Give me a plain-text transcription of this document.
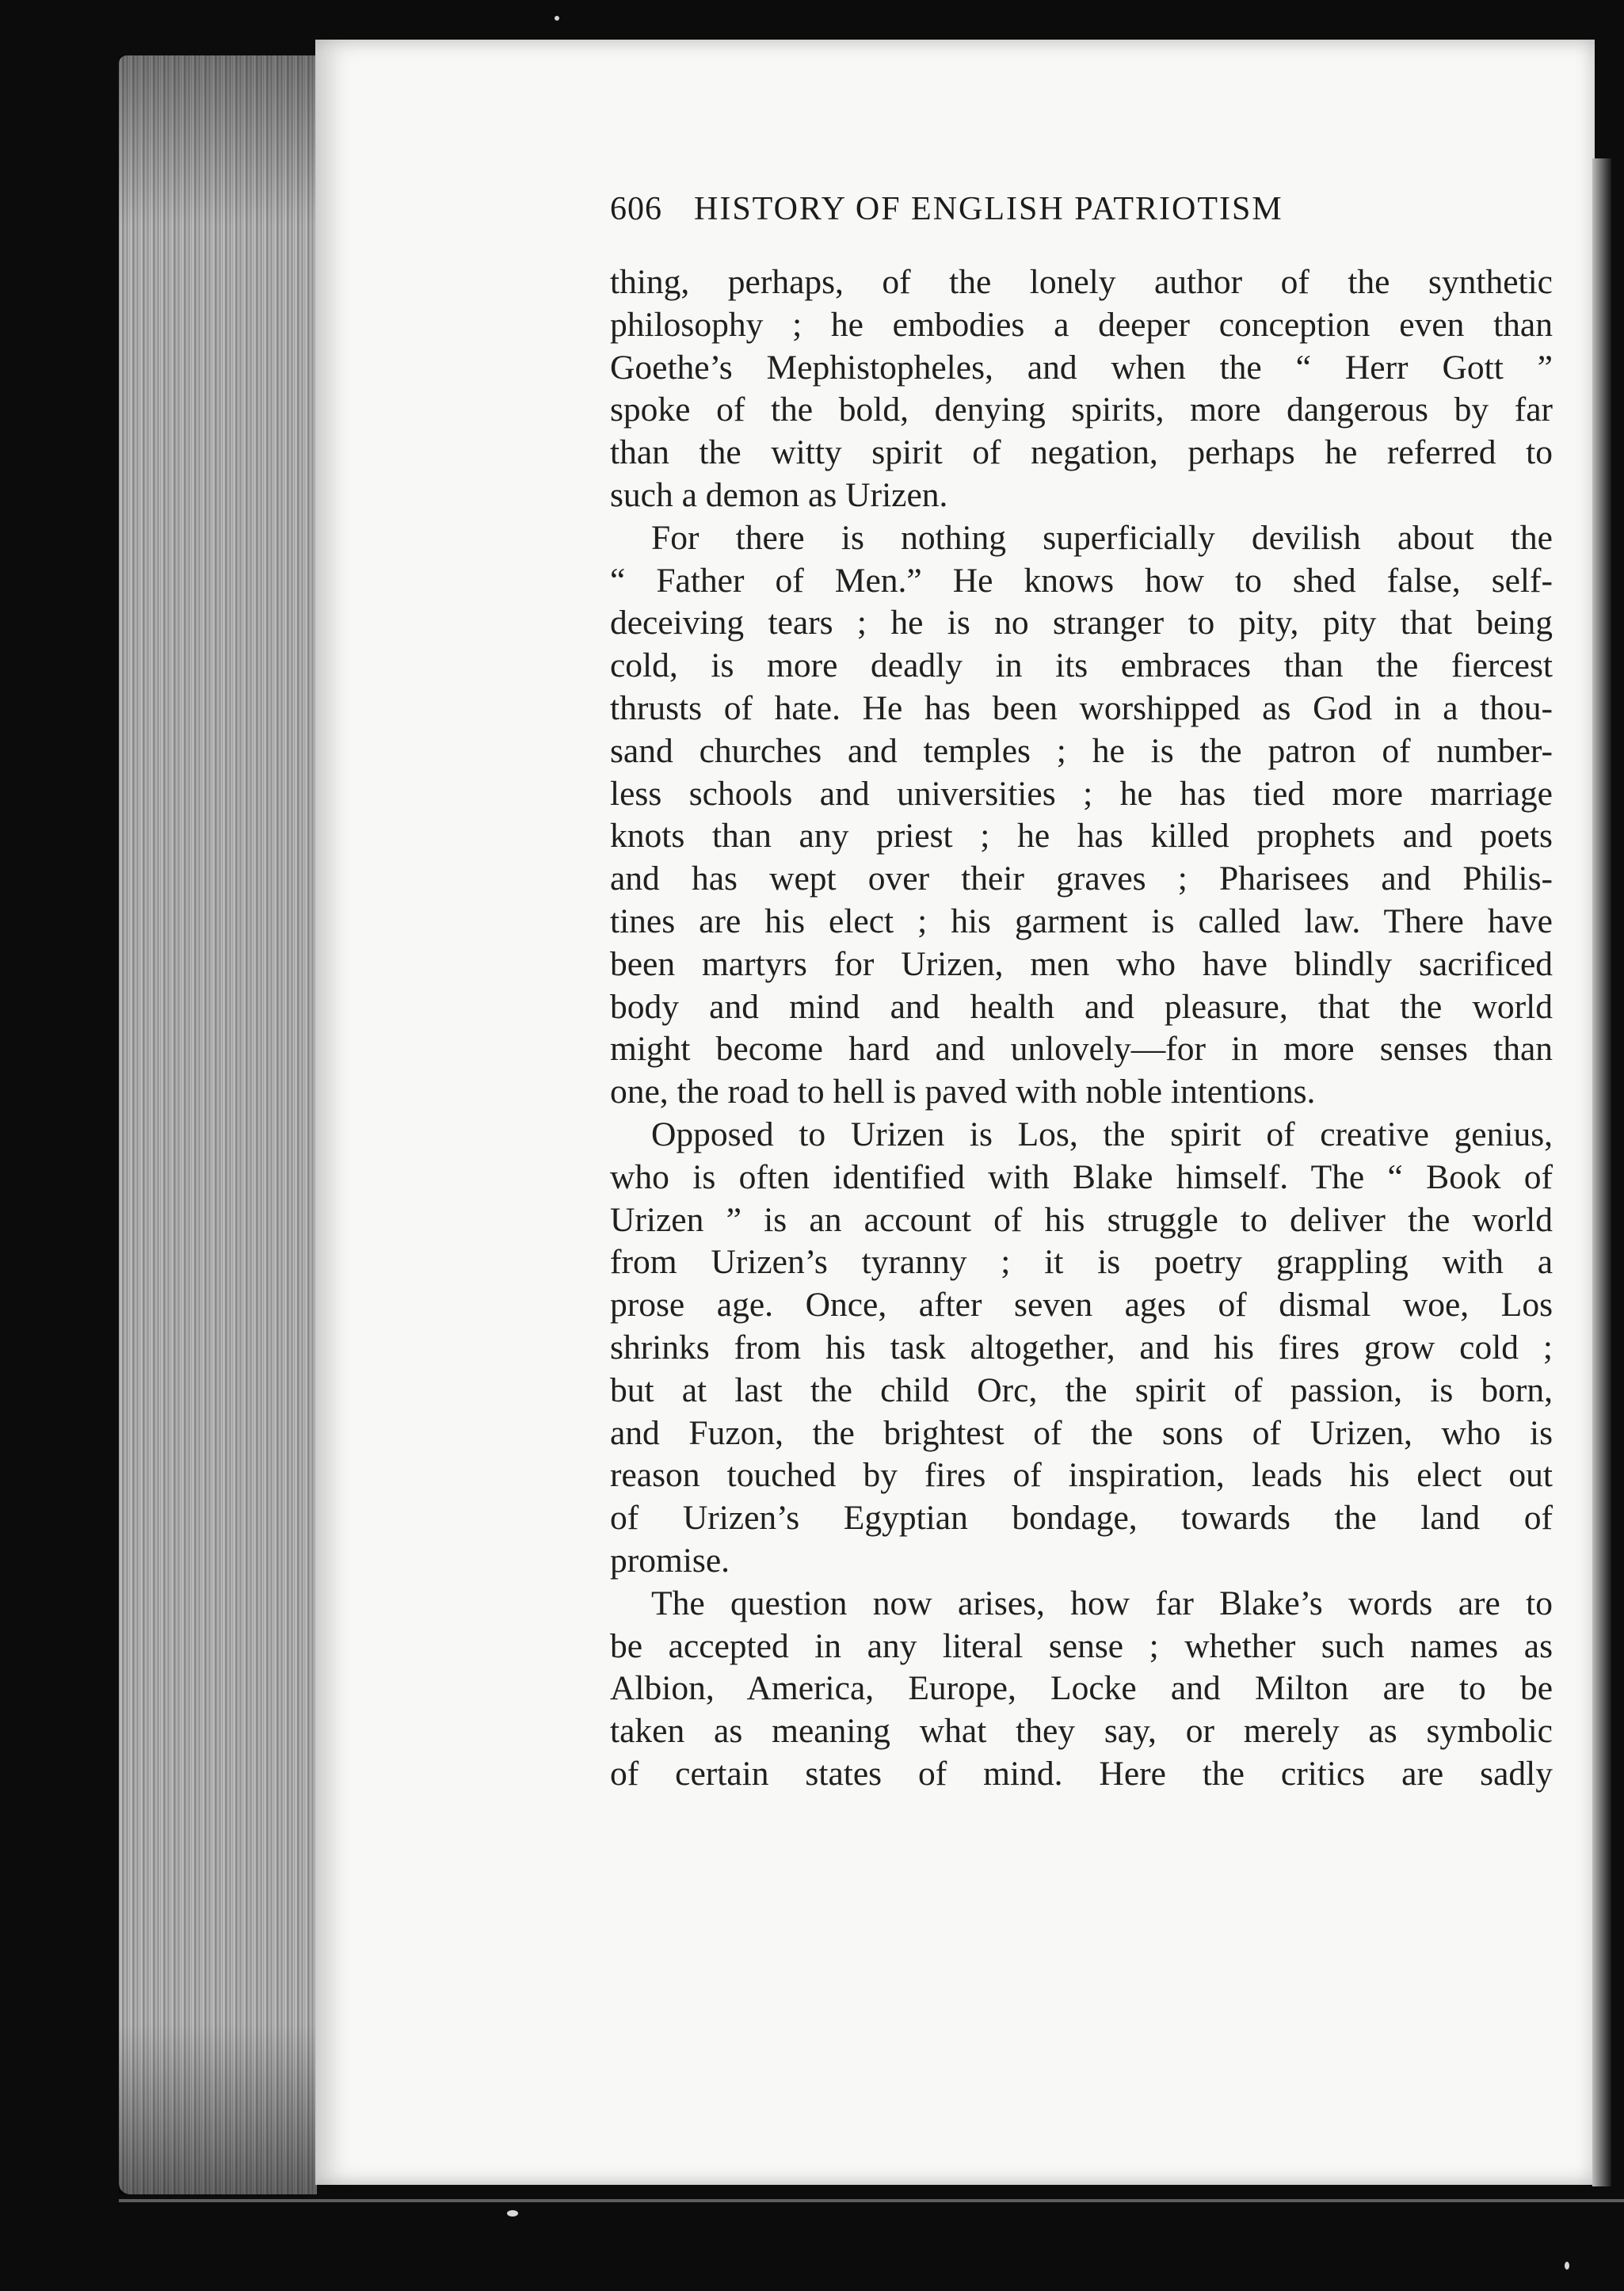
606 HISTORY OF ENGLISH PATRIOTISM
thing, perhaps, of the lonely author of the synthetic
philosophy ; he embodies a deeper conception even than
Goethe’s Mephistopheles, and when the “ Herr Gott ”
spoke of the bold, denying spirits, more dangerous by far
than the witty spirit of negation, perhaps he referred to
such a demon as Urizen.
For there is nothing superficially devilish about the
“ Father of Men.” He knows how to shed false, self-
deceiving tears ; he is no stranger to pity, pity that being
cold, is more deadly in its embraces than the fiercest
thrusts of hate. He has been worshipped as God in a thou-
sand churches and temples ; he is the patron of number-
less schools and universities ; he has tied more marriage
knots than any priest ; he has killed prophets and poets
and has wept over their graves ; Pharisees and Philis-
tines are his elect ; his garment is called law. There have
been martyrs for Urizen, men who have blindly sacrificed
body and mind and health and pleasure, that the world
might become hard and unlovely—for in more senses than
one, the road to hell is paved with noble intentions.
Opposed to Urizen is Los, the spirit of creative genius,
who is often identified with Blake himself. The “ Book of
Urizen ” is an account of his struggle to deliver the world
from Urizen’s tyranny ; it is poetry grappling with a
prose age. Once, after seven ages of dismal woe, Los
shrinks from his task altogether, and his fires grow cold ;
but at last the child Orc, the spirit of passion, is born,
and Fuzon, the brightest of the sons of Urizen, who is
reason touched by fires of inspiration, leads his elect out
of Urizen’s Egyptian bondage, towards the land of
promise.
The question now arises, how far Blake’s words are to
be accepted in any literal sense ; whether such names as
Albion, America, Europe, Locke and Milton are to be
taken as meaning what they say, or merely as symbolic
of certain states of mind. Here the critics are sadly
